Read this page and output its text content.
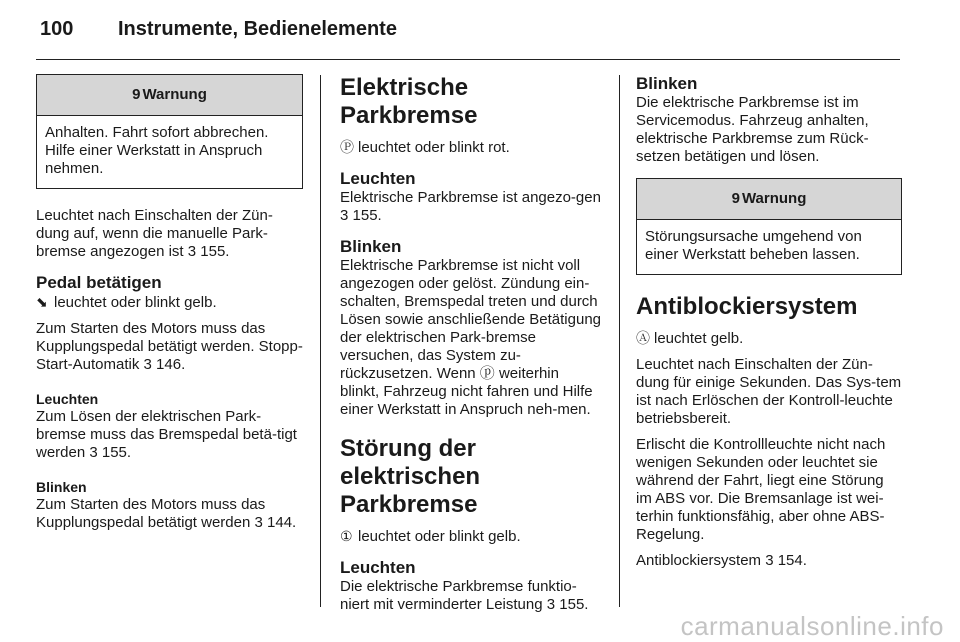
100	Instrumente, Bedienelemente
9 Warnung
Anhalten. Fahrt sofort abbrechen. Hilfe einer Werkstatt in Anspruch nehmen.

Leuchtet nach Einschalten der Zün-dung auf, wenn die manuelle Park-bremse angezogen ist 3 155.

Pedal betätigen

⬊ leuchtet oder blinkt gelb.

Zum Starten des Motors muss das Kupplungspedal betätigt werden. Stopp-Start-Automatik 3 146.

Leuchten

Zum Lösen der elektrischen Park-bremse muss das Bremspedal betä-tigt werden 3 155.

Blinken

Zum Starten des Motors muss das Kupplungspedal betätigt werden 3 144.

Elektrische Parkbremse

Ⓟ leuchtet oder blinkt rot.

Leuchten

Elektrische Parkbremse ist angezo-gen 3 155.

Blinken

Elektrische Parkbremse ist nicht voll angezogen oder gelöst. Zündung ein-schalten, Bremspedal treten und durch Lösen sowie anschließende Betätigung der elektrischen Park-bremse versuchen, das System zu-rückzusetzen. Wenn ⓟ weiterhin blinkt, Fahrzeug nicht fahren und Hilfe einer Werkstatt in Anspruch neh-men.

Störung der elektrischen Parkbremse

① leuchtet oder blinkt gelb.

Leuchten

Die elektrische Parkbremse funktio-niert mit verminderter Leistung 3 155.

Blinken

Die elektrische Parkbremse ist im Servicemodus. Fahrzeug anhalten, elektrische Parkbremse zum Rück-setzen betätigen und lösen.

9 Warnung
Störungsursache umgehend von einer Werkstatt beheben lassen.

Antiblockiersystem

Ⓐ leuchtet gelb.

Leuchtet nach Einschalten der Zün-dung für einige Sekunden. Das Sys-tem ist nach Erlöschen der Kontroll-leuchte betriebsbereit.

Erlischt die Kontrollleuchte nicht nach wenigen Sekunden oder leuchtet sie während der Fahrt, liegt eine Störung im ABS vor. Die Bremsanlage ist wei-terhin funktionsfähig, aber ohne ABS-Regelung.

Antiblockiersystem 3 154.

carmanualsonline.info
